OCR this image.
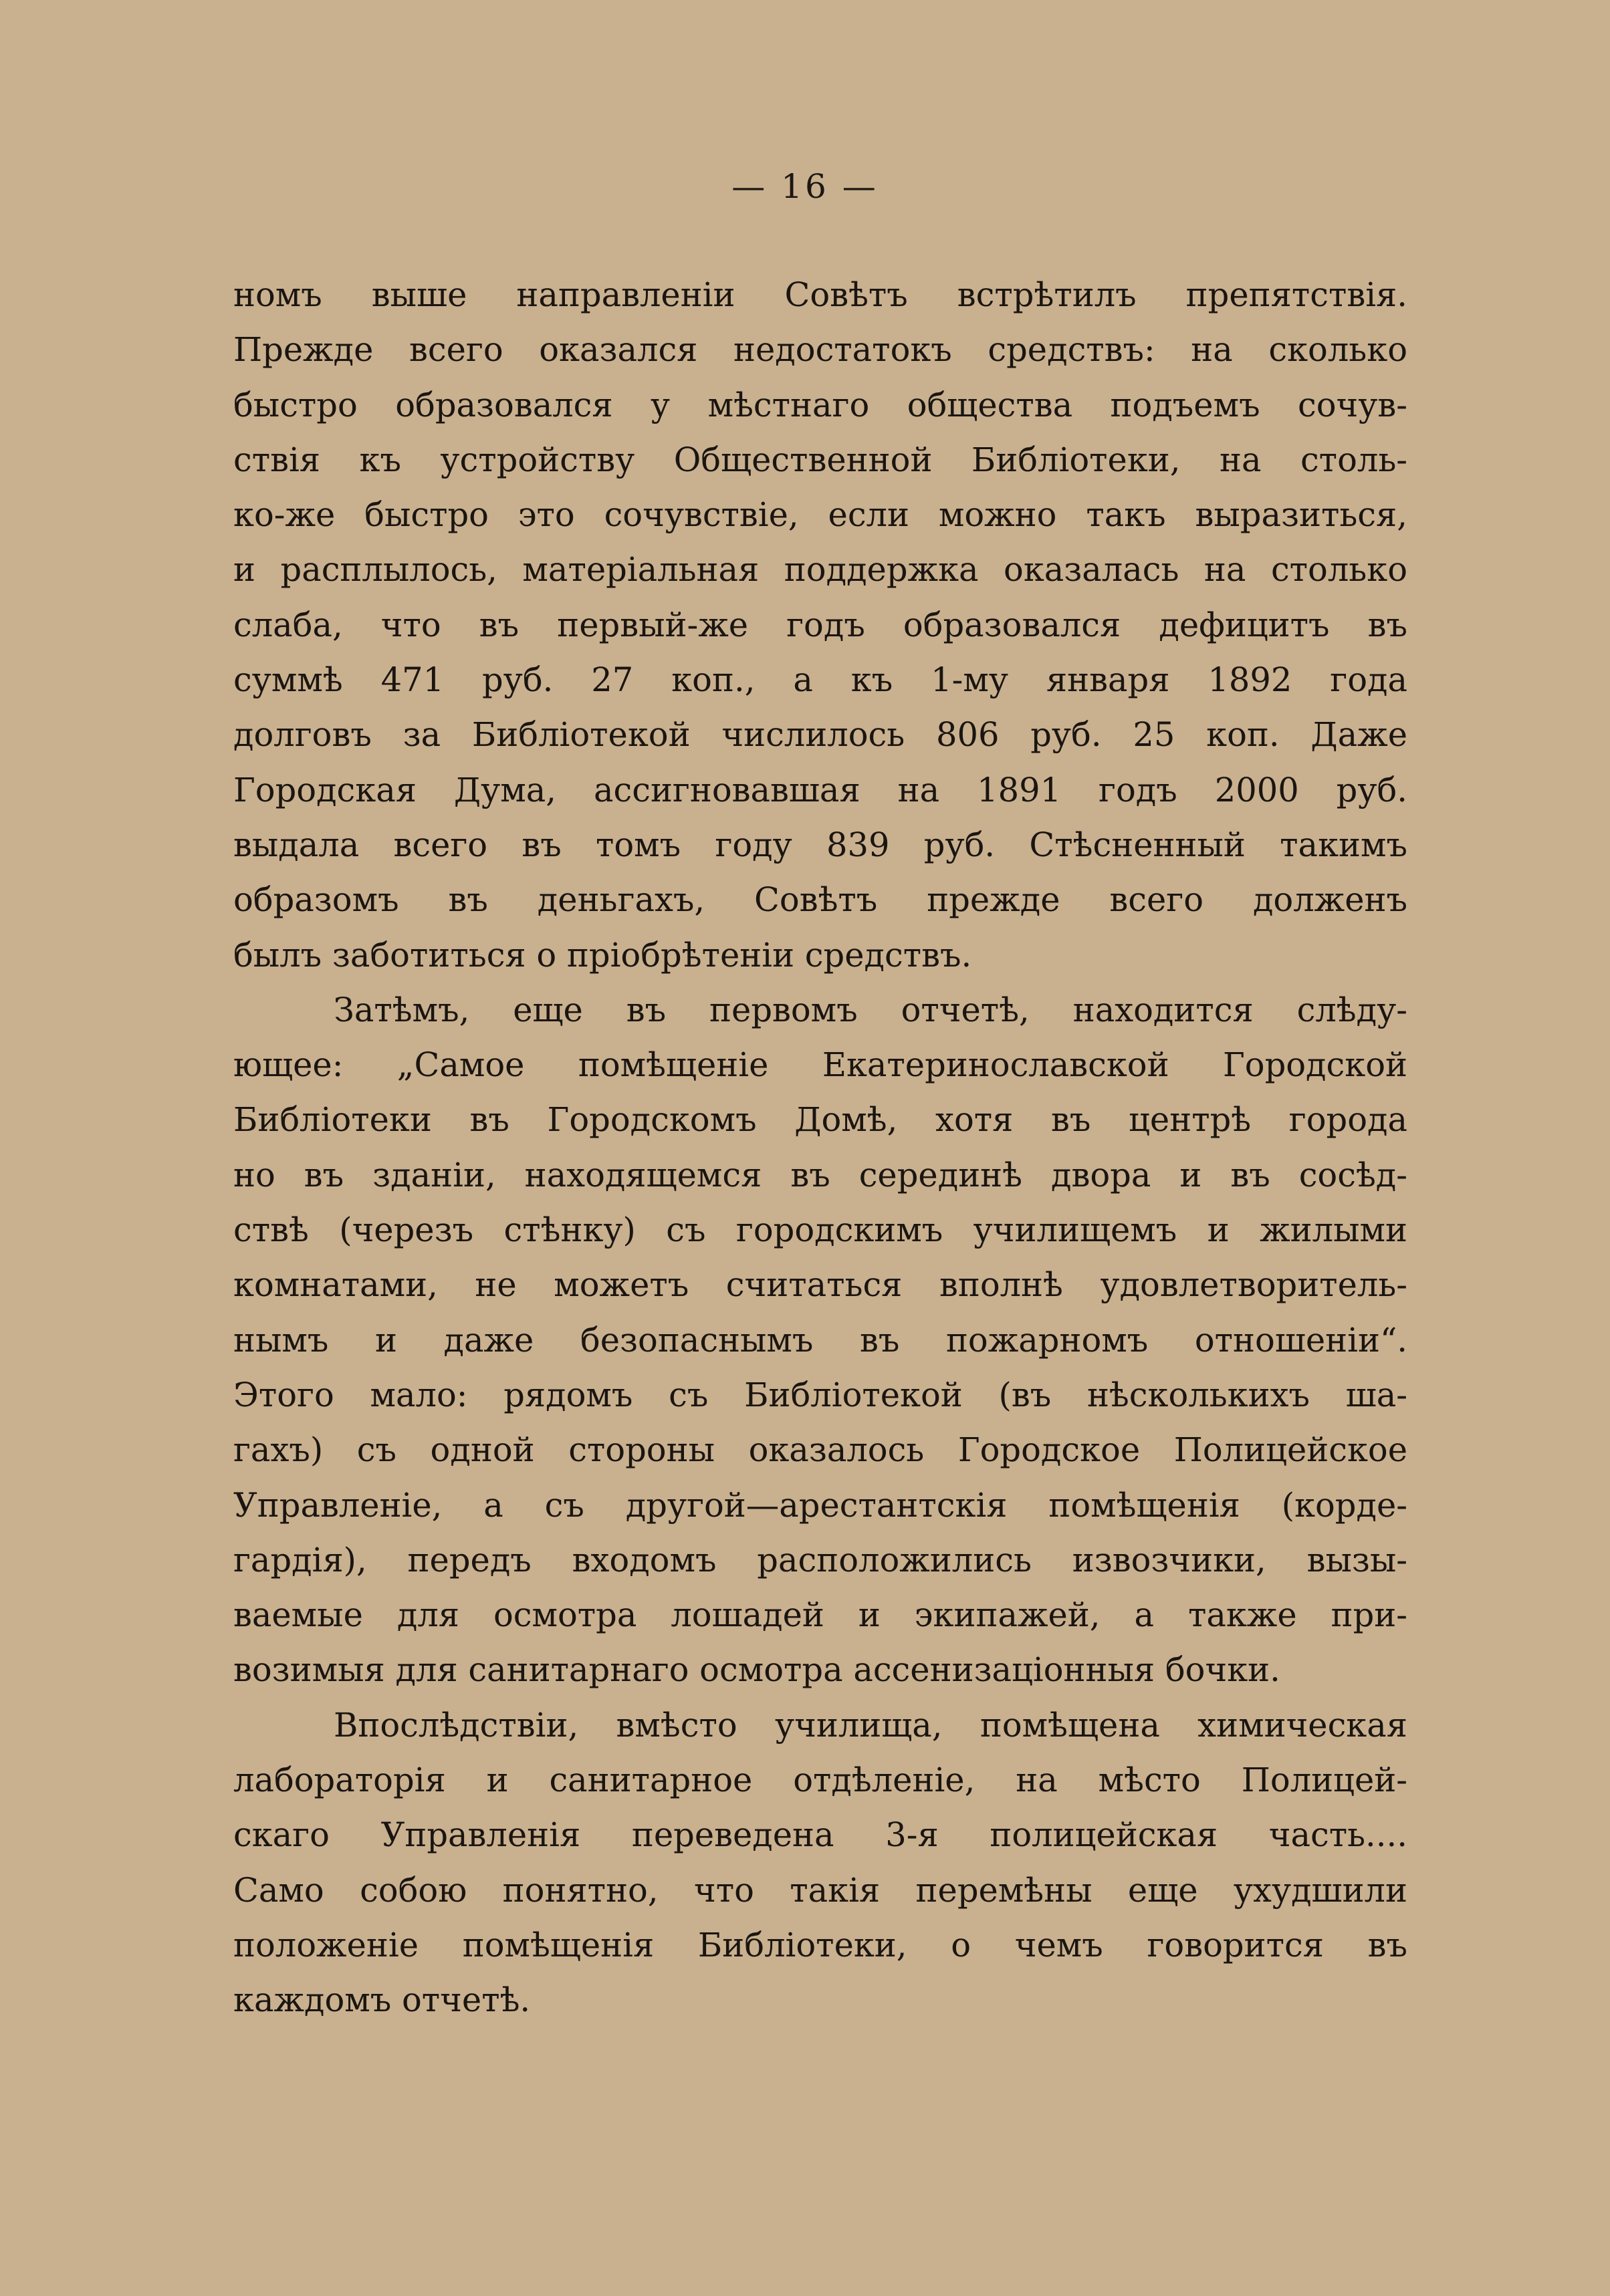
— 16 —
номъ выше направленіи Совѣтъ встрѣтилъ препятствія.
Прежде всего оказался недостатокъ средствъ: на сколько
быстро образовался у мѣстнаго общества подъемъ сочув-
ствія къ устройству Общественной Библіотеки, на столь-
ко-же быстро это сочувствіе, если можно такъ выразиться,
и расплылось, матеріальная поддержка оказалась на столько
слаба, что въ первый-же годъ образовался дефицитъ въ
суммѣ 471 руб. 27 коп., а къ 1-му января 1892 года
долговъ за Библіотекой числилось 806 руб. 25 коп. Даже
Городская Дума, ассигновавшая на 1891 годъ 2000 руб.
выдала всего въ томъ году 839 руб. Стѣсненный такимъ
образомъ въ деньгахъ, Совѣтъ прежде всего долженъ
былъ заботиться о пріобрѣтеніи средствъ.
Затѣмъ, еще въ первомъ отчетѣ, находится слѣду-
ющее: „Самое помѣщеніе Екатеринославской Городской
Библіотеки въ Городскомъ Домѣ, хотя въ центрѣ города
но въ зданіи, находящемся въ серединѣ двора и въ сосѣд-
ствѣ (черезъ стѣнку) съ городскимъ училищемъ и жилыми
комнатами, не можетъ считаться вполнѣ удовлетворитель-
нымъ и даже безопаснымъ въ пожарномъ отношеніи“.
Этого мало: рядомъ съ Библіотекой (въ нѣсколькихъ ша-
гахъ) съ одной стороны оказалось Городское Полицейское
Управленіе, а съ другой—арестантскія помѣщенія (корде-
гардія), передъ входомъ расположились извозчики, вызы-
ваемые для осмотра лошадей и экипажей, а также при-
возимыя для санитарнаго осмотра ассенизаціонныя бочки.
Впослѣдствіи, вмѣсто училища, помѣщена химическая
лабораторія и санитарное отдѣленіе, на мѣсто Полицей-
скаго Управленія переведена 3-я полицейская часть....
Само собою понятно, что такія перемѣны еще ухудшили
положеніе помѣщенія Библіотеки, о чемъ говорится въ
каждомъ отчетѣ.
